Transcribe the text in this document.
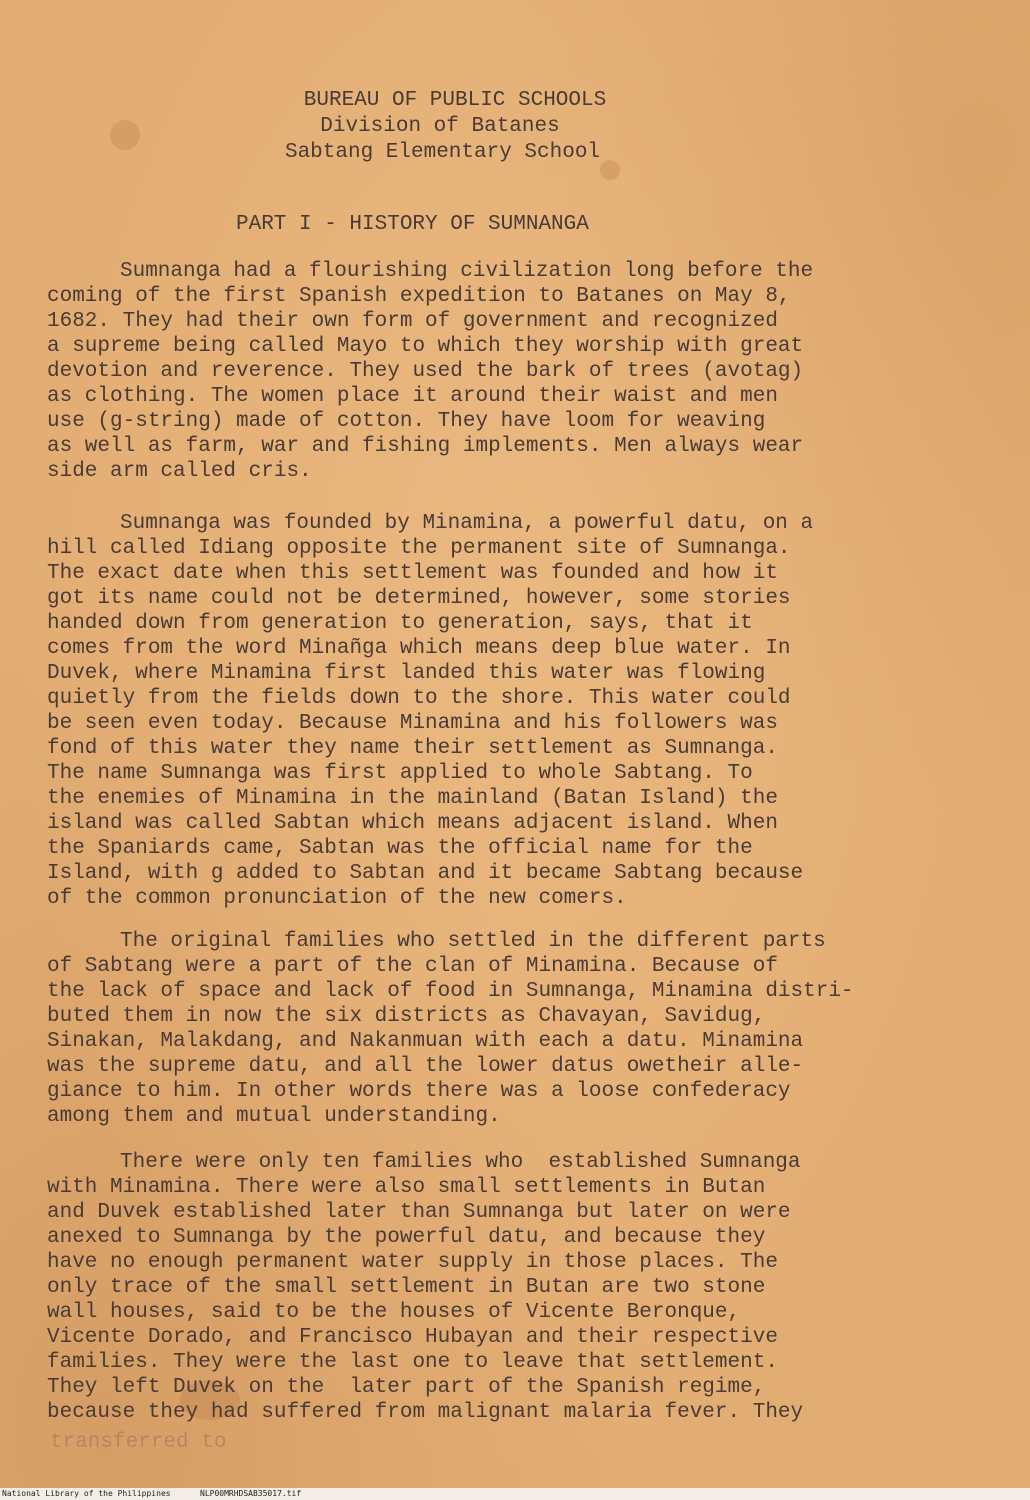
BUREAU OF PUBLIC SCHOOLS
Division of Batanes
Sabtang Elementary School
PART I - HISTORY OF SUMNANGA
Sumnanga had a flourishing civilization long before the
coming of the first Spanish expedition to Batanes on May 8,
1682. They had their own form of government and recognized
a supreme being called Mayo to which they worship with great
devotion and reverence. They used the bark of trees (avotag)
as clothing. The women place it around their waist and men
use (g-string) made of cotton. They have loom for weaving
as well as farm, war and fishing implements. Men always wear
side arm called cris.
Sumnanga was founded by Minamina, a powerful datu, on a
hill called Idiang opposite the permanent site of Sumnanga.
The exact date when this settlement was founded and how it
got its name could not be determined, however, some stories
handed down from generation to generation, says, that it
comes from the word Minañga which means deep blue water. In
Duvek, where Minamina first landed this water was flowing
quietly from the fields down to the shore. This water could
be seen even today. Because Minamina and his followers was
fond of this water they name their settlement as Sumnanga.
The name Sumnanga was first applied to whole Sabtang. To
the enemies of Minamina in the mainland (Batan Island) the
island was called Sabtan which means adjacent island. When
the Spaniards came, Sabtan was the official name for the
Island, with g added to Sabtan and it became Sabtang because
of the common pronunciation of the new comers.
The original families who settled in the different parts
of Sabtang were a part of the clan of Minamina. Because of
the lack of space and lack of food in Sumnanga, Minamina distri-
buted them in now the six districts as Chavayan, Savidug,
Sinakan, Malakdang, and Nakanmuan with each a datu. Minamina
was the supreme datu, and all the lower datus owetheir alle-
giance to him. In other words there was a loose confederacy
among them and mutual understanding.
There were only ten families who  established Sumnanga
with Minamina. There were also small settlements in Butan
and Duvek established later than Sumnanga but later on were
anexed to Sumnanga by the powerful datu, and because they
have no enough permanent water supply in those places. The
only trace of the small settlement in Butan are two stone
wall houses, said to be the houses of Vicente Beronque,
Vicente Dorado, and Francisco Hubayan and their respective
families. They were the last one to leave that settlement.
They left Duvek on the  later part of the Spanish regime,
because they had suffered from malignant malaria fever. They
transferred to
National Library of the Philippines	NLP00MRHDSAB35017.tif
